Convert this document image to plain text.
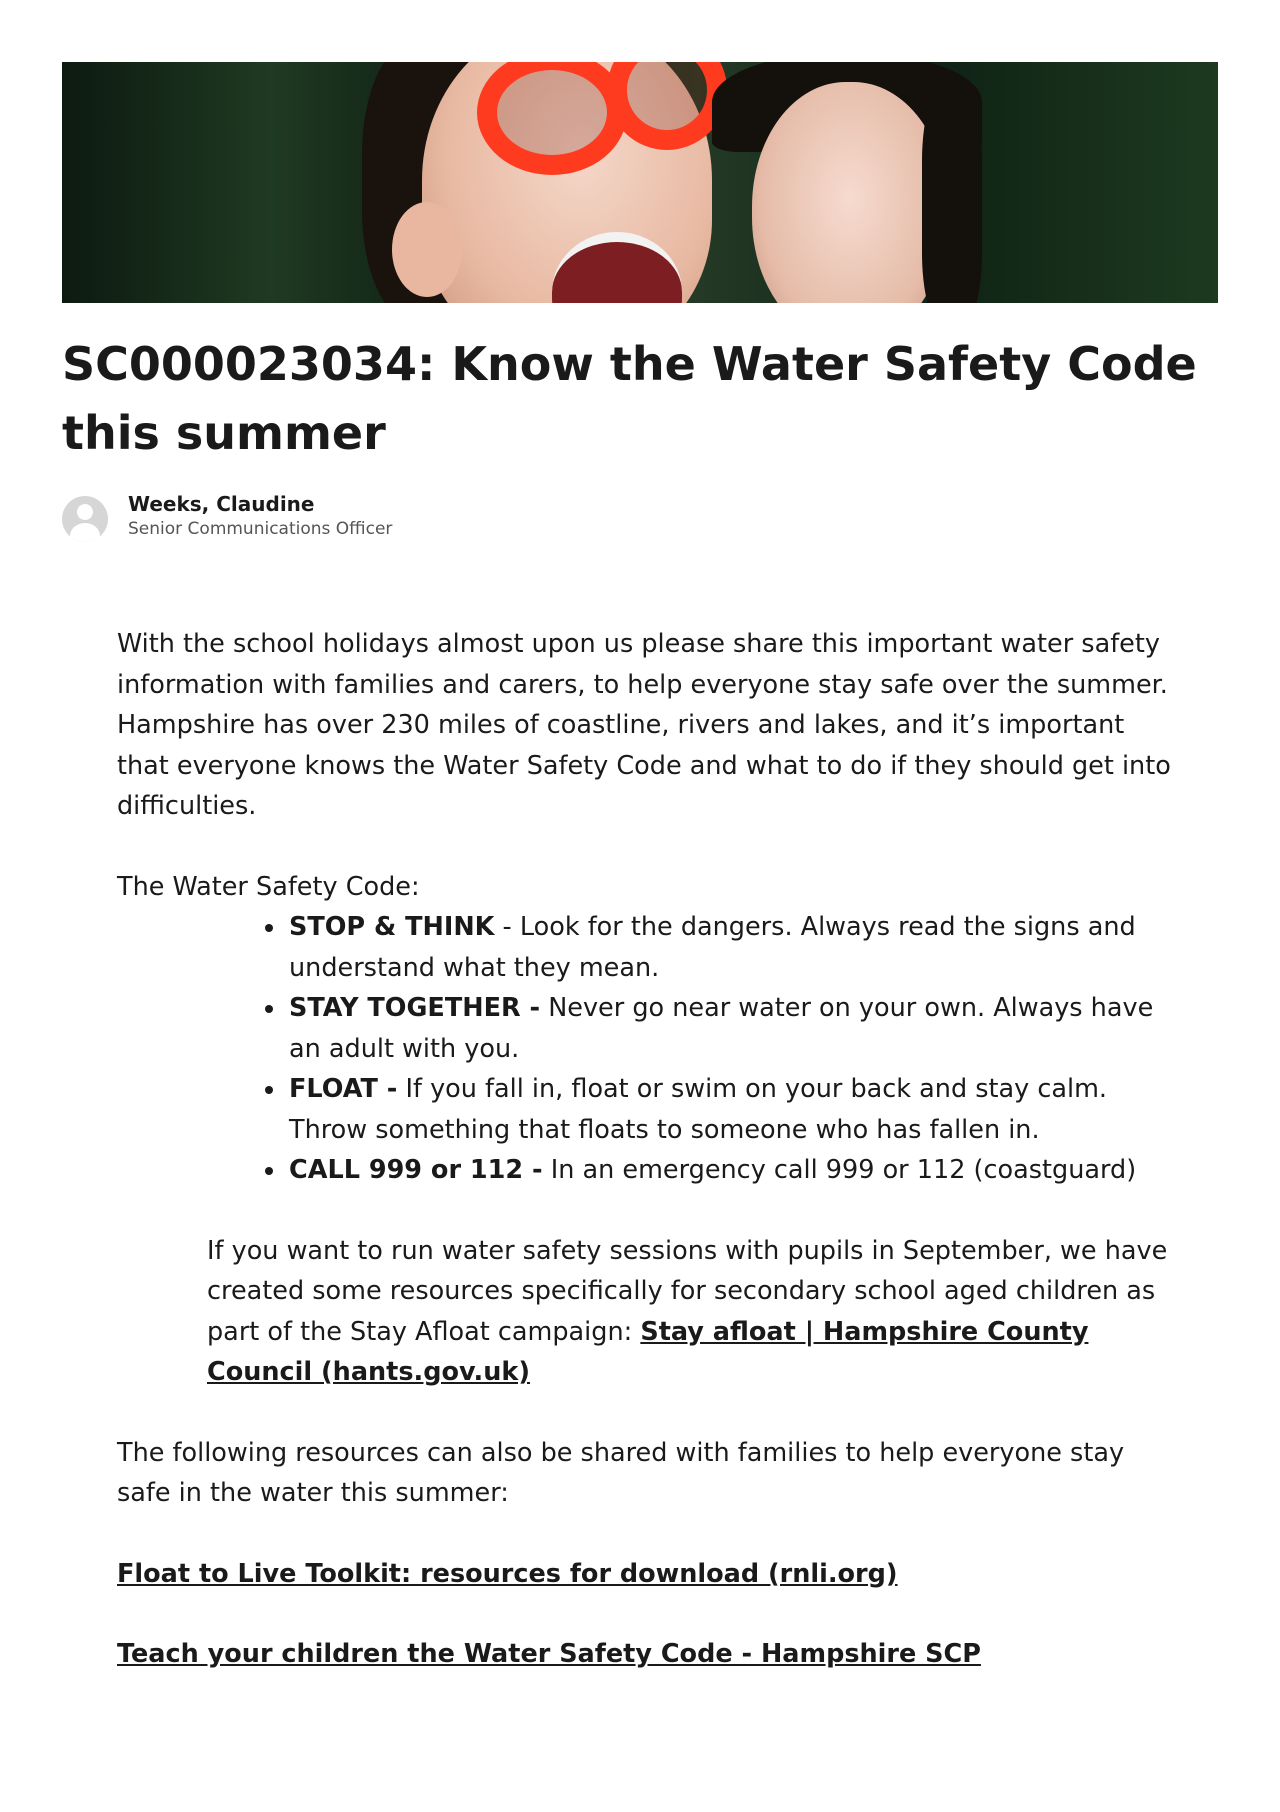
SC000023034: Know the Water Safety Code this summer
Weeks, Claudine
Senior Communications Officer

With the school holidays almost upon us please share this important water safety information with families and carers, to help everyone stay safe over the summer. Hampshire has over 230 miles of coastline, rivers and lakes, and it’s important that everyone knows the Water Safety Code and what to do if they should get into difficulties.

The Water Safety Code:

• STOP & THINK - Look for the dangers. Always read the signs and understand what they mean.
• STAY TOGETHER - Never go near water on your own. Always have an adult with you.
• FLOAT - If you fall in, float or swim on your back and stay calm. Throw something that floats to someone who has fallen in.
• CALL 999 or 112 - In an emergency call 999 or 112 (coastguard)

If you want to run water safety sessions with pupils in September, we have created some resources specifically for secondary school aged children as part of the Stay Afloat campaign: Stay afloat | Hampshire County Council (hants.gov.uk)

The following resources can also be shared with families to help everyone stay safe in the water this summer:

Float to Live Toolkit: resources for download (rnli.org)

Teach your children the Water Safety Code - Hampshire SCP
